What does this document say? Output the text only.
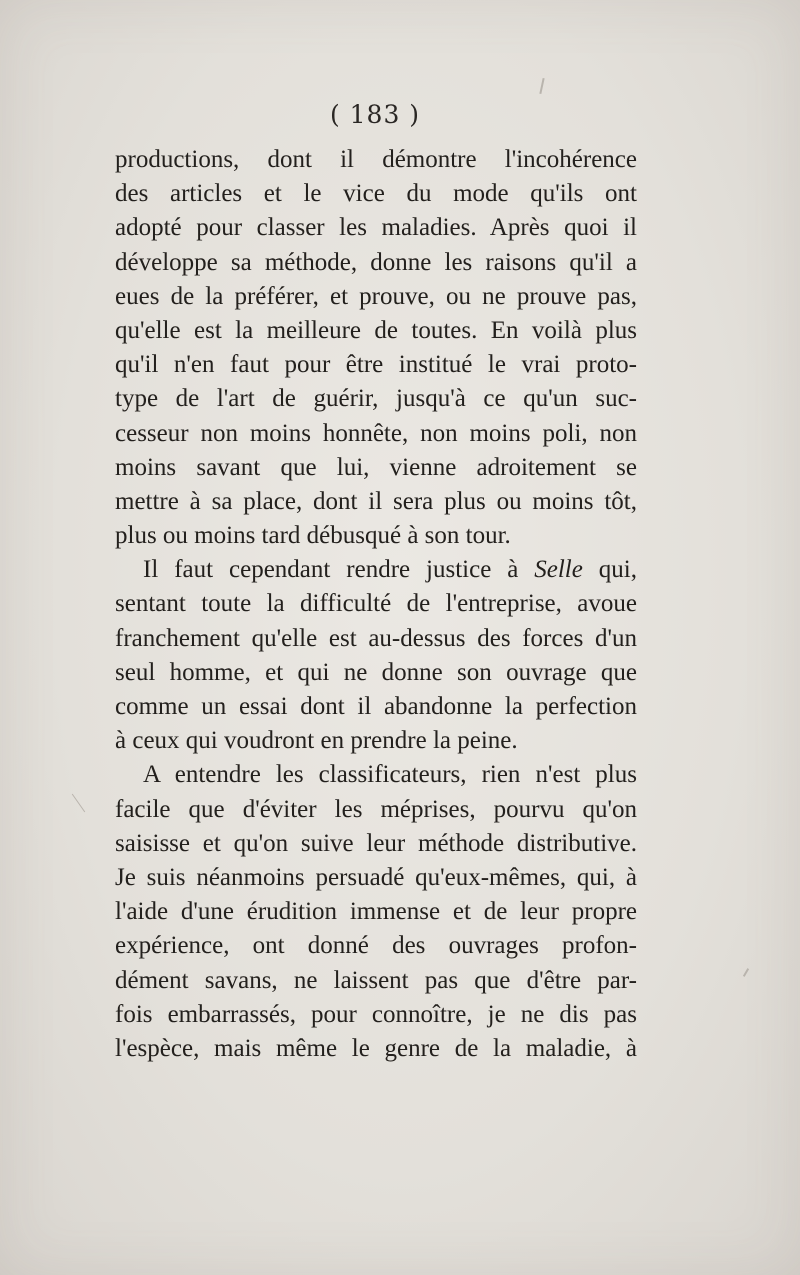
( 183 )
productions, dont il démontre l'incohérence
des articles et le vice du mode qu'ils ont
adopté pour classer les maladies. Après quoi il
développe sa méthode, donne les raisons qu'il a
eues de la préférer, et prouve, ou ne prouve pas,
qu'elle est la meilleure de toutes. En voilà plus
qu'il n'en faut pour être institué le vrai proto-
type de l'art de guérir, jusqu'à ce qu'un suc-
cesseur non moins honnête, non moins poli, non
moins savant que lui, vienne adroitement se
mettre à sa place, dont il sera plus ou moins tôt,
plus ou moins tard débusqué à son tour.
Il faut cependant rendre justice à Selle qui,
sentant toute la difficulté de l'entreprise, avoue
franchement qu'elle est au-dessus des forces d'un
seul homme, et qui ne donne son ouvrage que
comme un essai dont il abandonne la perfection
à ceux qui voudront en prendre la peine.
A entendre les classificateurs, rien n'est plus
facile que d'éviter les méprises, pourvu qu'on
saisisse et qu'on suive leur méthode distributive.
Je suis néanmoins persuadé qu'eux-mêmes, qui, à
l'aide d'une érudition immense et de leur propre
expérience, ont donné des ouvrages profon-
dément savans, ne laissent pas que d'être par-
fois embarrassés, pour connoître, je ne dis pas
l'espèce, mais même le genre de la maladie, à
